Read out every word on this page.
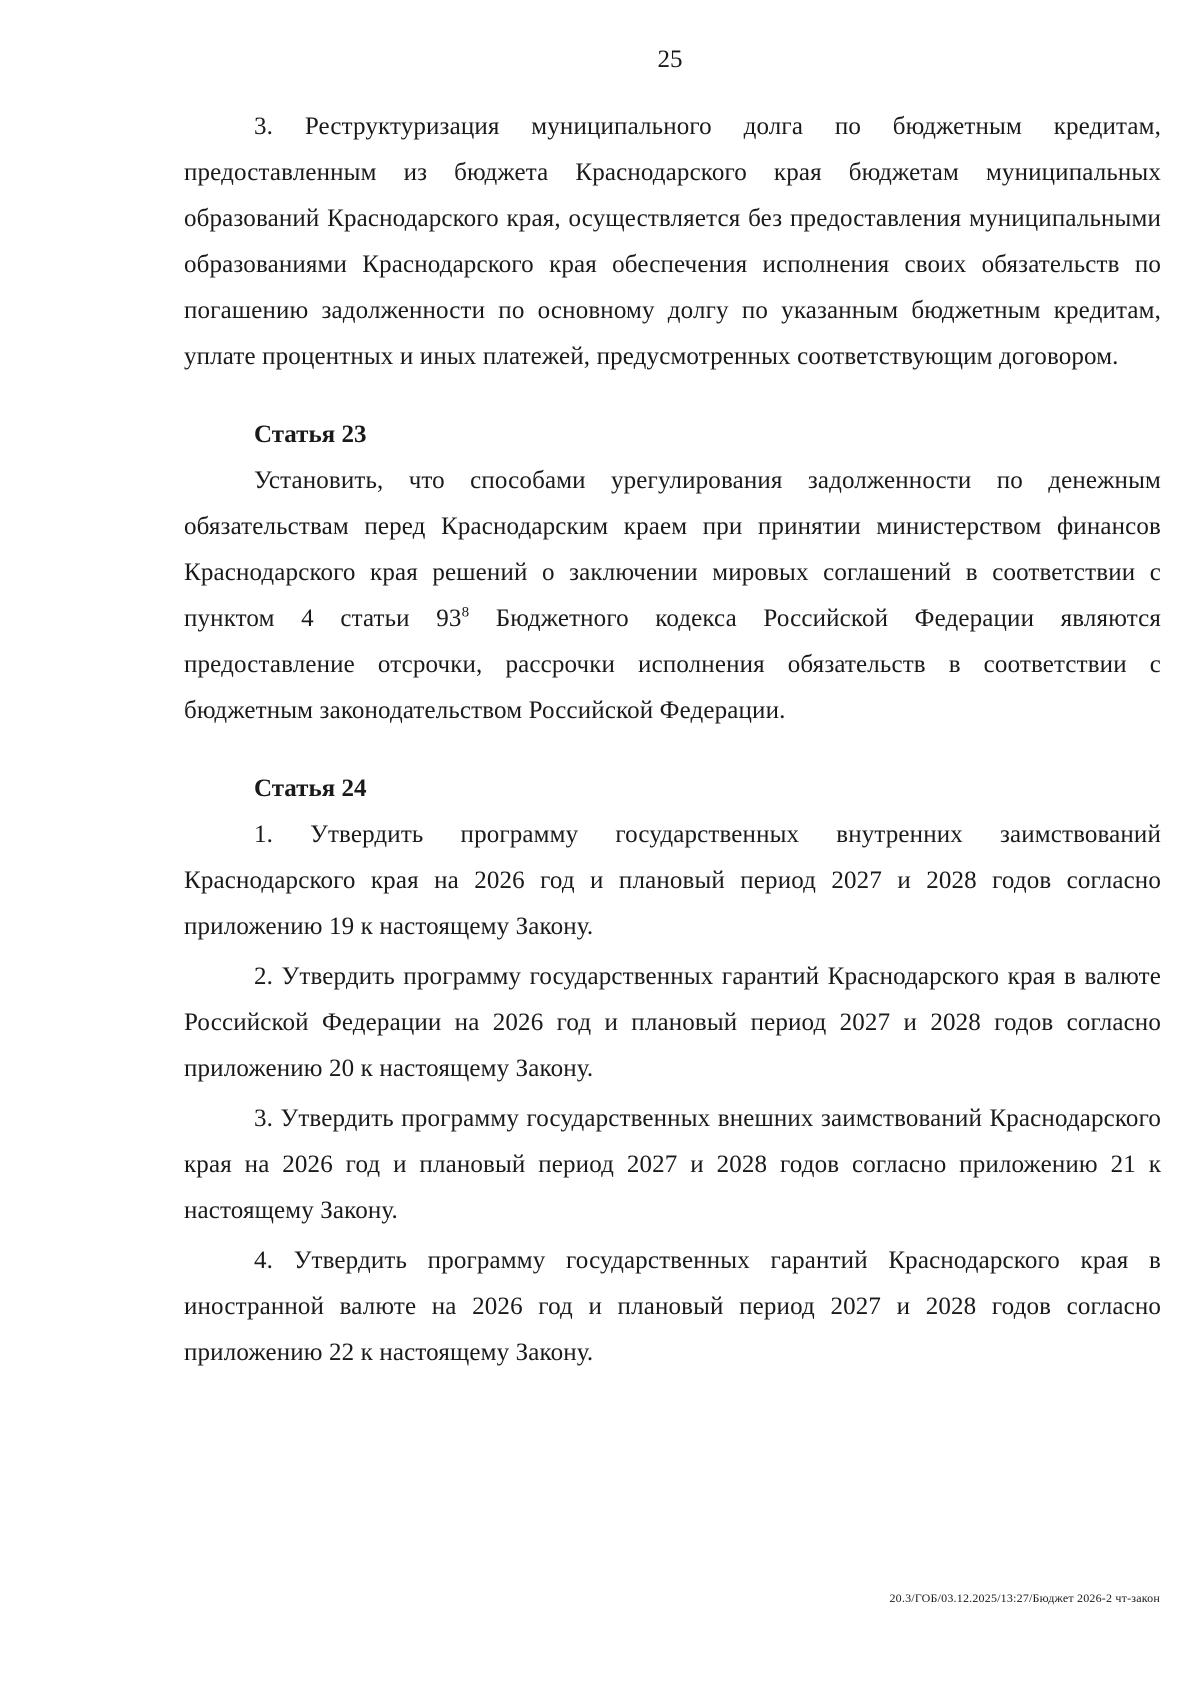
25

3. Реструктуризация муниципального долга по бюджетным кредитам, предоставленным из бюджета Краснодарского края бюджетам муниципальных образований Краснодарского края, осуществляется без предоставления муниципальными образованиями Краснодарского края обеспечения исполнения своих обязательств по погашению задолженности по основному долгу по указанным бюджетным кредитам, уплате процентных и иных платежей, предусмотренных соответствующим договором.

Статья 23

Установить, что способами урегулирования задолженности по денежным обязательствам перед Краснодарским краем при принятии министерством финансов Краснодарского края решений о заключении мировых соглашений в соответствии с пунктом 4 статьи $93^8$ Бюджетного кодекса Российской Федерации являются предоставление отсрочки, рассрочки исполнения обязательств в соответствии с бюджетным законодательством Российской Федерации.

Статья 24

1. Утвердить программу государственных внутренних заимствований Краснодарского края на 2026 год и плановый период 2027 и 2028 годов согласно приложению 19 к настоящему Закону.

2. Утвердить программу государственных гарантий Краснодарского края в валюте Российской Федерации на 2026 год и плановый период 2027 и 2028 годов согласно приложению 20 к настоящему Закону.

3. Утвердить программу государственных внешних заимствований Краснодарского края на 2026 год и плановый период 2027 и 2028 годов согласно приложению 21 к настоящему Закону.

4. Утвердить программу государственных гарантий Краснодарского края в иностранной валюте на 2026 год и плановый период 2027 и 2028 годов согласно приложению 22 к настоящему Закону.

20.3/ГОБ/03.12.2025/13:27/Бюджет 2026-2 чт-закон
